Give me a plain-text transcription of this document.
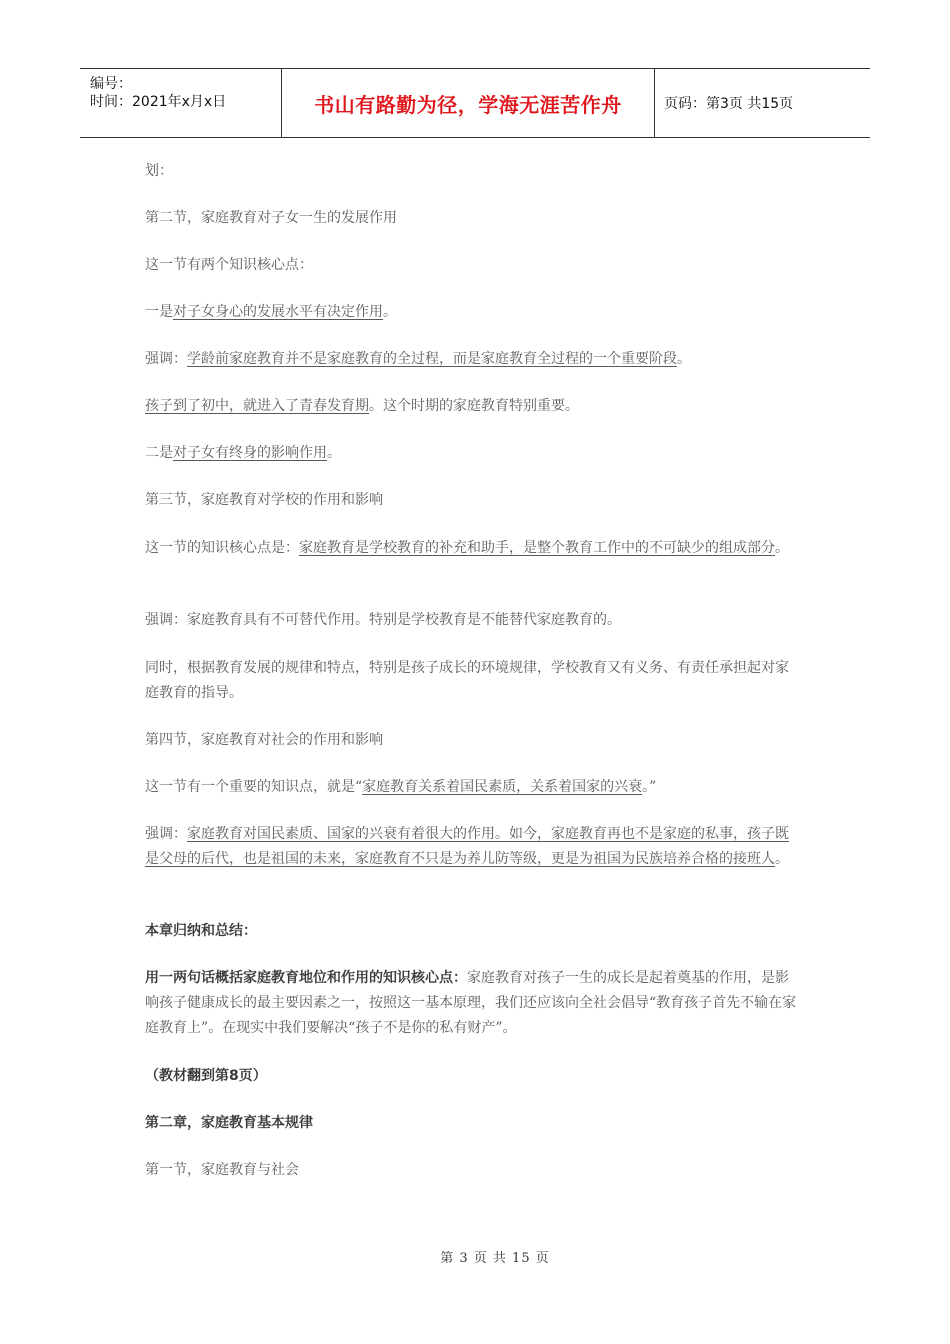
编号：
时间：2021年x月x日	书山有路勤为径，学海无涯苦作舟	页码：第3页 共15页

划：

第二节，家庭教育对子女一生的发展作用

这一节有两个知识核心点：

一是对子女身心的发展水平有决定作用。

强调：学龄前家庭教育并不是家庭教育的全过程，而是家庭教育全过程的一个重要阶段。

孩子到了初中，就进入了青春发育期。这个时期的家庭教育特别重要。

二是对子女有终身的影响作用。

第三节，家庭教育对学校的作用和影响

这一节的知识核心点是：家庭教育是学校教育的补充和助手，是整个教育工作中的不可缺少的组成部分。

强调：家庭教育具有不可替代作用。特别是学校教育是不能替代家庭教育的。

同时，根据教育发展的规律和特点，特别是孩子成长的环境规律，学校教育又有义务、有责任承担起对家庭教育的指导。

第四节，家庭教育对社会的作用和影响

这一节有一个重要的知识点，就是“家庭教育关系着国民素质，关系着国家的兴衰。”

强调：家庭教育对国民素质、国家的兴衰有着很大的作用。如今，家庭教育再也不是家庭的私事，孩子既是父母的后代，也是祖国的未来，家庭教育不只是为养儿防等级，更是为祖国为民族培养合格的接班人。

本章归纳和总结：

用一两句话概括家庭教育地位和作用的知识核心点：家庭教育对孩子一生的成长是起着奠基的作用，是影响孩子健康成长的最主要因素之一，按照这一基本原理，我们还应该向全社会倡导“教育孩子首先不输在家庭教育上”。在现实中我们要解决“孩子不是你的私有财产”。

（教材翻到第8页）

第二章，家庭教育基本规律

第一节，家庭教育与社会

第 3 页 共 15 页
